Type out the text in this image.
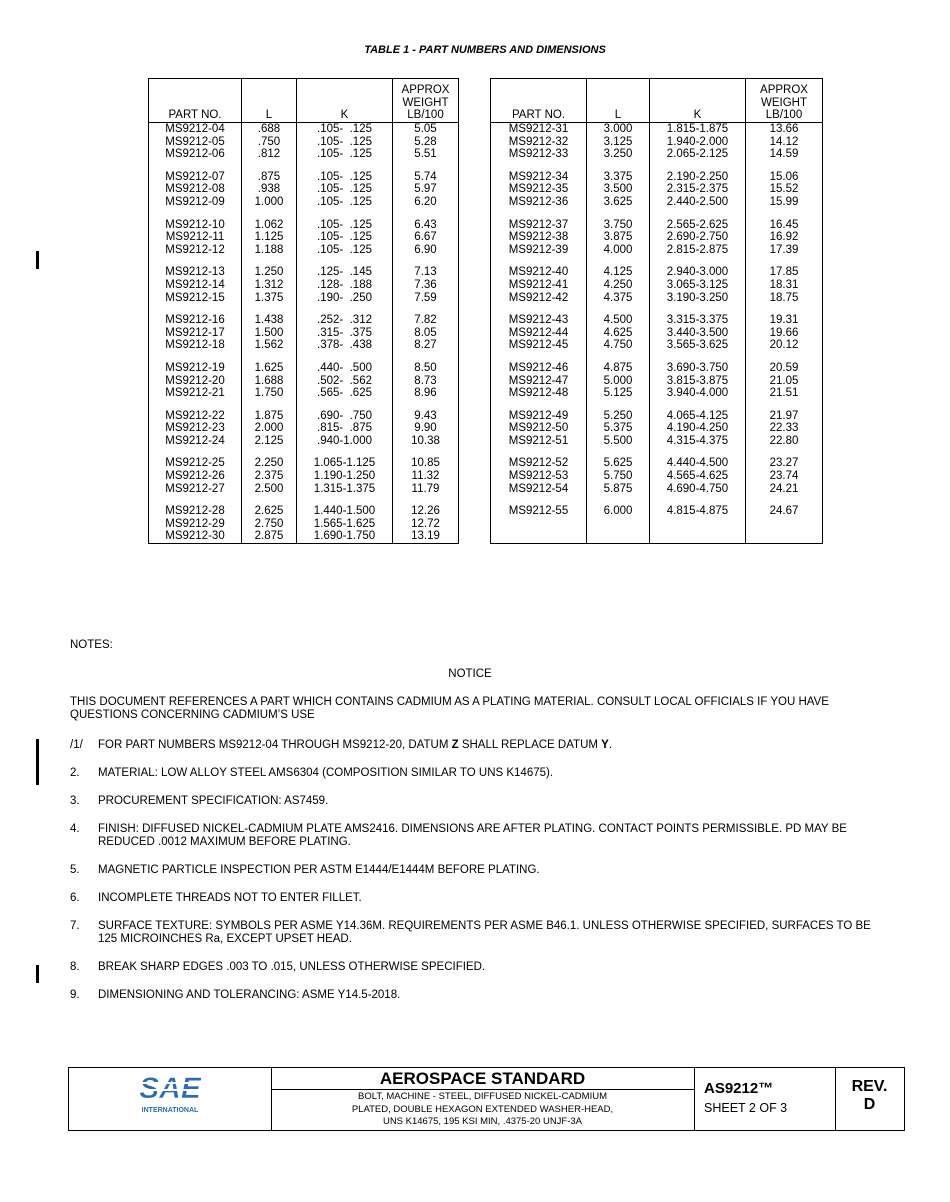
TABLE 1 - PART NUMBERS AND DIMENSIONS
PART NO.	L	K	APPROX
WEIGHT
LB/100
MS9212-04	.688	.105-  .125	5.05
MS9212-05	.750	.105-  .125	5.28
MS9212-06	.812	.105-  .125	5.51

MS9212-07	.875	.105-  .125	5.74
MS9212-08	.938	.105-  .125	5.97
MS9212-09	1.000	.105-  .125	6.20

MS9212-10	1.062	.105-  .125	6.43
MS9212-11	1.125	.105-  .125	6.67
MS9212-12	1.188	.105-  .125	6.90

MS9212-13	1.250	.125-  .145	7.13
MS9212-14	1.312	.128-  .188	7.36
MS9212-15	1.375	.190-  .250	7.59

MS9212-16	1.438	.252-  .312	7.82
MS9212-17	1.500	.315-  .375	8.05
MS9212-18	1.562	.378-  .438	8.27

MS9212-19	1.625	.440-  .500	8.50
MS9212-20	1.688	.502-  .562	8.73
MS9212-21	1.750	.565-  .625	8.96

MS9212-22	1.875	.690-  .750	9.43
MS9212-23	2.000	.815-  .875	9.90
MS9212-24	2.125	.940-1.000	10.38

MS9212-25	2.250	1.065-1.125	10.85
MS9212-26	2.375	1.190-1.250	11.32
MS9212-27	2.500	1.315-1.375	11.79

MS9212-28	2.625	1.440-1.500	12.26
MS9212-29	2.750	1.565-1.625	12.72
MS9212-30	2.875	1.690-1.750	13.19
PART NO.	L	K	APPROX
WEIGHT
LB/100
MS9212-31	3.000	1.815-1.875	13.66
MS9212-32	3.125	1.940-2.000	14.12
MS9212-33	3.250	2.065-2.125	14.59

MS9212-34	3.375	2.190-2.250	15.06
MS9212-35	3.500	2.315-2.375	15.52
MS9212-36	3.625	2.440-2.500	15.99

MS9212-37	3.750	2.565-2.625	16.45
MS9212-38	3.875	2.690-2.750	16.92
MS9212-39	4.000	2.815-2.875	17.39

MS9212-40	4.125	2.940-3.000	17.85
MS9212-41	4.250	3.065-3.125	18.31
MS9212-42	4.375	3.190-3.250	18.75

MS9212-43	4.500	3.315-3.375	19.31
MS9212-44	4.625	3.440-3.500	19.66
MS9212-45	4.750	3.565-3.625	20.12

MS9212-46	4.875	3.690-3.750	20.59
MS9212-47	5.000	3.815-3.875	21.05
MS9212-48	5.125	3.940-4.000	21.51

MS9212-49	5.250	4.065-4.125	21.97
MS9212-50	5.375	4.190-4.250	22.33
MS9212-51	5.500	4.315-4.375	22.80

MS9212-52	5.625	4.440-4.500	23.27
MS9212-53	5.750	4.565-4.625	23.74
MS9212-54	5.875	4.690-4.750	24.21

MS9212-55	6.000	4.815-4.875	24.67

NOTES:
NOTICE
THIS DOCUMENT REFERENCES A PART WHICH CONTAINS CADMIUM AS A PLATING MATERIAL. CONSULT LOCAL OFFICIALS IF YOU HAVE QUESTIONS CONCERNING CADMIUM’S USE
/1/ FOR PART NUMBERS MS9212-04 THROUGH MS9212-20, DATUM Z SHALL REPLACE DATUM Y.
2. MATERIAL: LOW ALLOY STEEL AMS6304 (COMPOSITION SIMILAR TO UNS K14675).
3. PROCUREMENT SPECIFICATION: AS7459.
4. FINISH: DIFFUSED NICKEL-CADMIUM PLATE AMS2416. DIMENSIONS ARE AFTER PLATING. CONTACT POINTS PERMISSIBLE. PD MAY BE REDUCED .0012 MAXIMUM BEFORE PLATING.
5. MAGNETIC PARTICLE INSPECTION PER ASTM E1444/E1444M BEFORE PLATING.
6. INCOMPLETE THREADS NOT TO ENTER FILLET.
7. SURFACE TEXTURE: SYMBOLS PER ASME Y14.36M. REQUIREMENTS PER ASME B46.1. UNLESS OTHERWISE SPECIFIED, SURFACES TO BE 125 MICROINCHES Ra, EXCEPT UPSET HEAD.
8. BREAK SHARP EDGES .003 TO .015, UNLESS OTHERWISE SPECIFIED.
9. DIMENSIONING AND TOLERANCING: ASME Y14.5-2018.
SAE
INTERNATIONAL
AEROSPACE STANDARD
BOLT, MACHINE - STEEL, DIFFUSED NICKEL-CADMIUM
PLATED, DOUBLE HEXAGON EXTENDED WASHER-HEAD,
UNS K14675, 195 KSI MIN, .4375-20 UNJF-3A
AS9212™
SHEET 2 OF 3
REV.
D
